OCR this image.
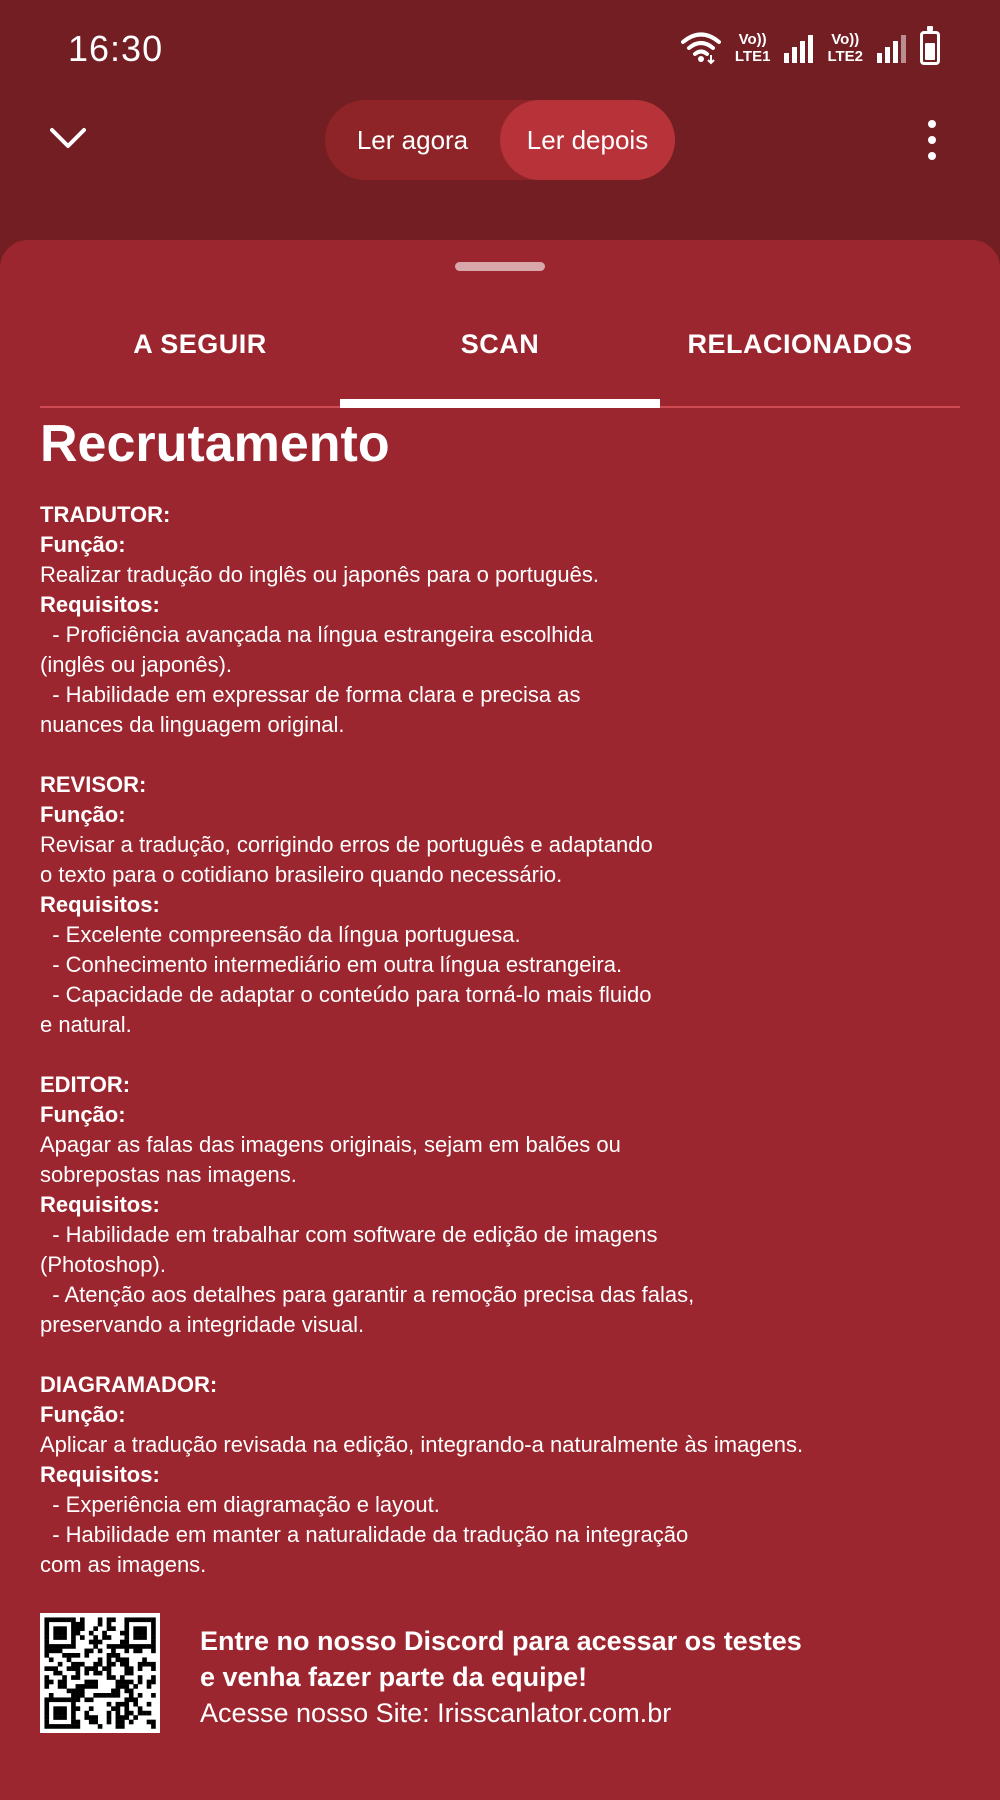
16:30	Vo))
LTE1
Vo))
LTE2
Ler agora	Ler depois
A SEGUIR	SCAN	RELACIONADOS
Recrutamento
TRADUTOR:
Função:
Realizar tradução do inglês ou japonês para o português.
Requisitos:
- Proficiência avançada na língua estrangeira escolhida
(inglês ou japonês).
- Habilidade em expressar de forma clara e precisa as
nuances da linguagem original.
REVISOR:
Função:
Revisar a tradução, corrigindo erros de português e adaptando
o texto para o cotidiano brasileiro quando necessário.
Requisitos:
- Excelente compreensão da língua portuguesa.
- Conhecimento intermediário em outra língua estrangeira.
- Capacidade de adaptar o conteúdo para torná-lo mais fluido
e natural.
EDITOR:
Função:
Apagar as falas das imagens originais, sejam em balões ou
sobrepostas nas imagens.
Requisitos:
- Habilidade em trabalhar com software de edição de imagens
(Photoshop).
- Atenção aos detalhes para garantir a remoção precisa das falas,
preservando a integridade visual.
DIAGRAMADOR:
Função:
Aplicar a tradução revisada na edição, integrando-a naturalmente às imagens.
Requisitos:
- Experiência em diagramação e layout.
- Habilidade em manter a naturalidade da tradução na integração
com as imagens.
Entre no nosso Discord para acessar os testes
e venha fazer parte da equipe!
Acesse nosso Site: Irisscanlator.com.br
